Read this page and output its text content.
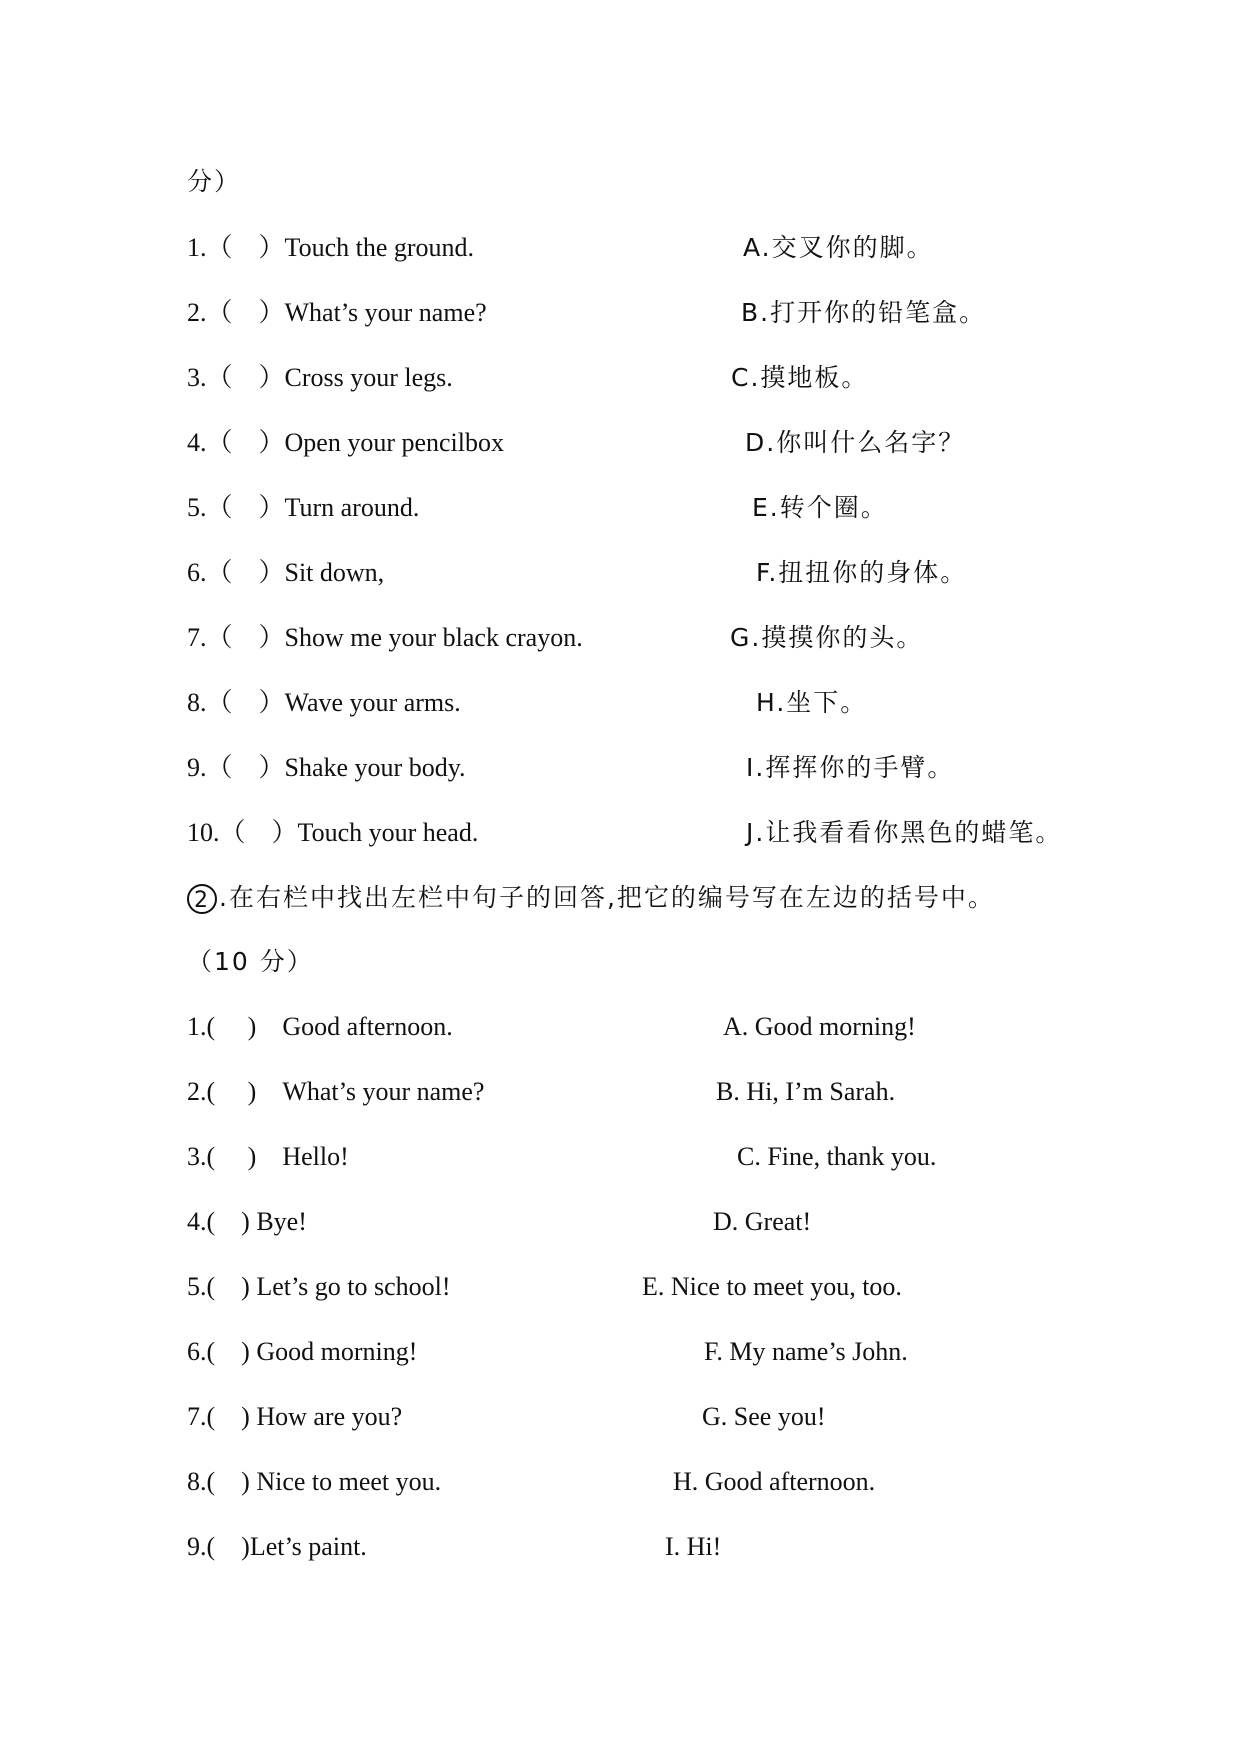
分）
1.（　）Touch the ground.
2.（　）What’s your name?
3.（　）Cross your legs.
4.（　）Open your pencilbox
5.（　）Turn around.
6.（　）Sit down,
7.（　）Show me your black crayon.
8.（　）Wave your arms.
9.（　）Shake your body.
10.（　）Touch your head.
A.交叉你的脚。
B.打开你的铅笔盒。
C.摸地板。
D.你叫什么名字？
E.转个圈。
F.扭扭你的身体。
G.摸摸你的头。
H.坐下。
I.挥挥你的手臂。
J.让我看看你黑色的蜡笔。
2 .在右栏中找出左栏中句子的回答,把它的编号写在左边的括号中。
（10 分）
1.(　 )　Good afternoon.
2.(　 )　What’s your name?
3.(　 )　Hello!
4.(　) Bye!
5.(　) Let’s go to school!
6.(　) Good morning!
7.(　) How are you?
8.(　) Nice to meet you.
9.(　)Let’s paint.
A. Good morning!
B. Hi, I’m Sarah.
C. Fine, thank you.
D. Great!
E. Nice to meet you, too.
F. My name’s John.
G. See you!
H. Good afternoon.
I. Hi!
